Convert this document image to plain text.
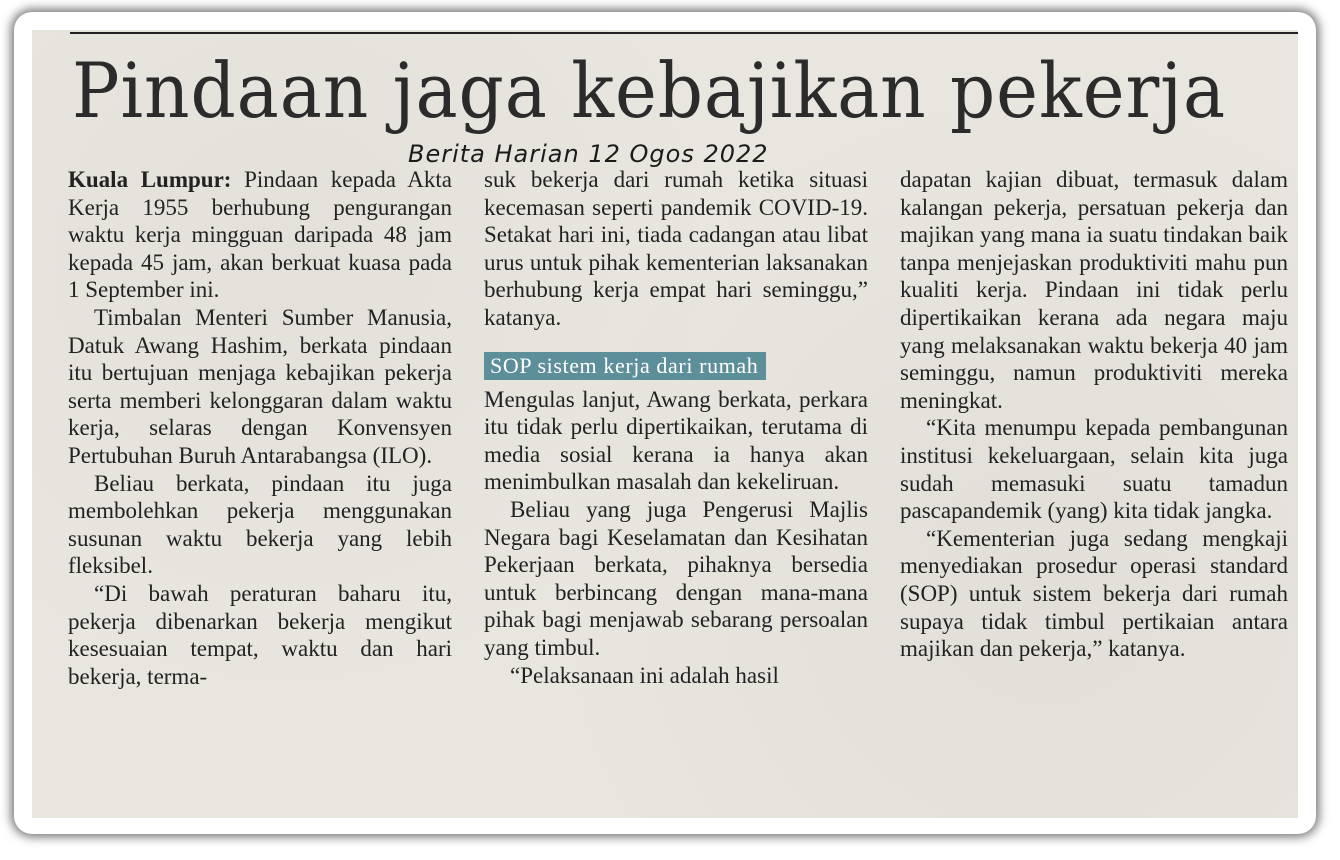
Pindaan jaga kebajikan pekerja
Berita Harian 12 Ogos 2022

Kuala Lumpur: Pindaan kepada Akta Kerja 1955 berhubung pengurangan waktu kerja mingguan daripada 48 jam kepada 45 jam, akan berkuat kuasa pada 1 September ini.

Timbalan Menteri Sumber Manusia, Datuk Awang Hashim, berkata pindaan itu bertujuan menjaga kebajikan pekerja serta memberi kelonggaran dalam waktu kerja, selaras dengan Konvensyen Pertubuhan Buruh Antarabangsa (ILO).

Beliau berkata, pindaan itu juga membolehkan pekerja menggunakan susunan waktu bekerja yang lebih fleksibel.

“Di bawah peraturan baharu itu, pekerja dibenarkan bekerja mengikut kesesuaian tempat, waktu dan hari bekerja, terma-

suk bekerja dari rumah ketika situasi kecemasan seperti pandemik COVID-19. Setakat hari ini, tiada cadangan atau libat urus untuk pihak kementerian laksanakan berhubung kerja empat hari seminggu,” katanya.

SOP sistem kerja dari rumah

Mengulas lanjut, Awang berkata, perkara itu tidak perlu dipertikaikan, terutama di media sosial kerana ia hanya akan menimbulkan masalah dan kekeliruan.

Beliau yang juga Pengerusi Majlis Negara bagi Keselamatan dan Kesihatan Pekerjaan berkata, pihaknya bersedia untuk berbincang dengan mana-mana pihak bagi menjawab sebarang persoalan yang timbul.

“Pelaksanaan ini adalah hasil

dapatan kajian dibuat, termasuk dalam kalangan pekerja, persatuan pekerja dan majikan yang mana ia suatu tindakan baik tanpa menjejaskan produktiviti mahu pun kualiti kerja. Pindaan ini tidak perlu dipertikaikan kerana ada negara maju yang melaksanakan waktu bekerja 40 jam seminggu, namun produktiviti mereka meningkat.

“Kita menumpu kepada pembangunan institusi kekeluargaan, selain kita juga sudah memasuki suatu tamadun pascapandemik (yang) kita tidak jangka.

“Kementerian juga sedang mengkaji menyediakan prosedur operasi standard (SOP) untuk sistem bekerja dari rumah supaya tidak timbul pertikaian antara majikan dan pekerja,” katanya.
